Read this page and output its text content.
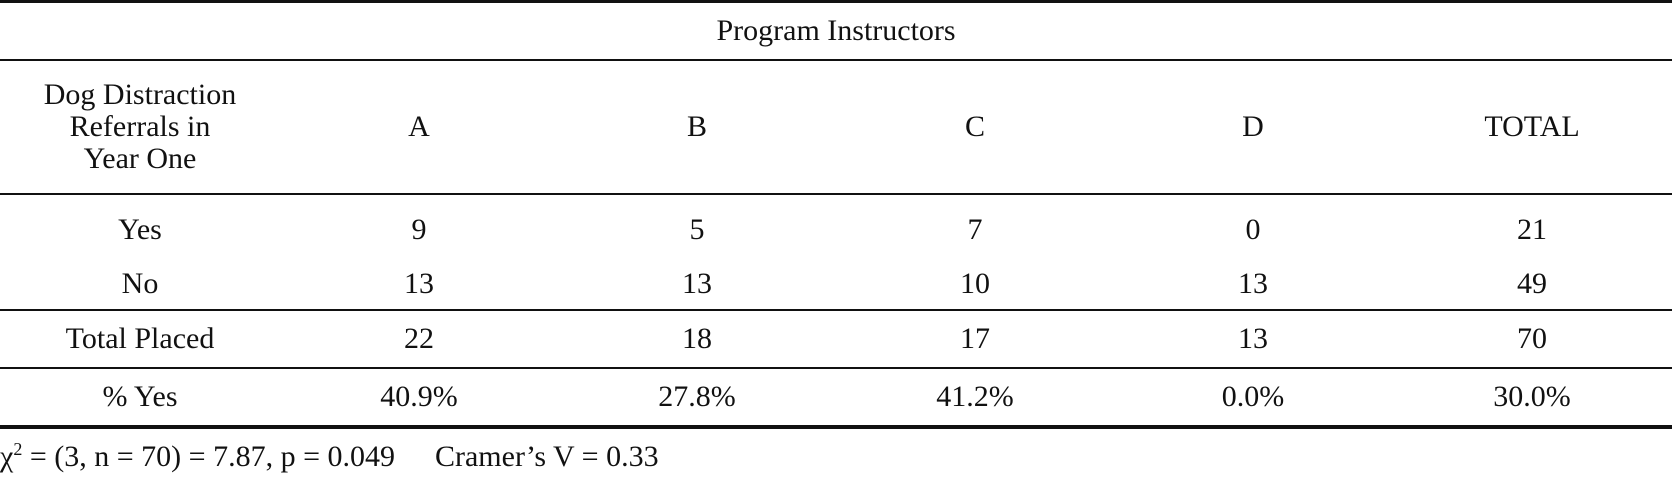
Program Instructors					

Dog Distraction
Referrals in
Year One	A	B	C	D	TOTAL
Yes	9	5	7	0	21
No	13	13	10	13	49
Total Placed	22	18	17	13	70
% Yes	40.9%	27.8%	41.2%	0.0%	30.0%
$\chi^2 = (3$, n = 70) = 7.87, p = 0.049 Cramer’s V = 0.33
